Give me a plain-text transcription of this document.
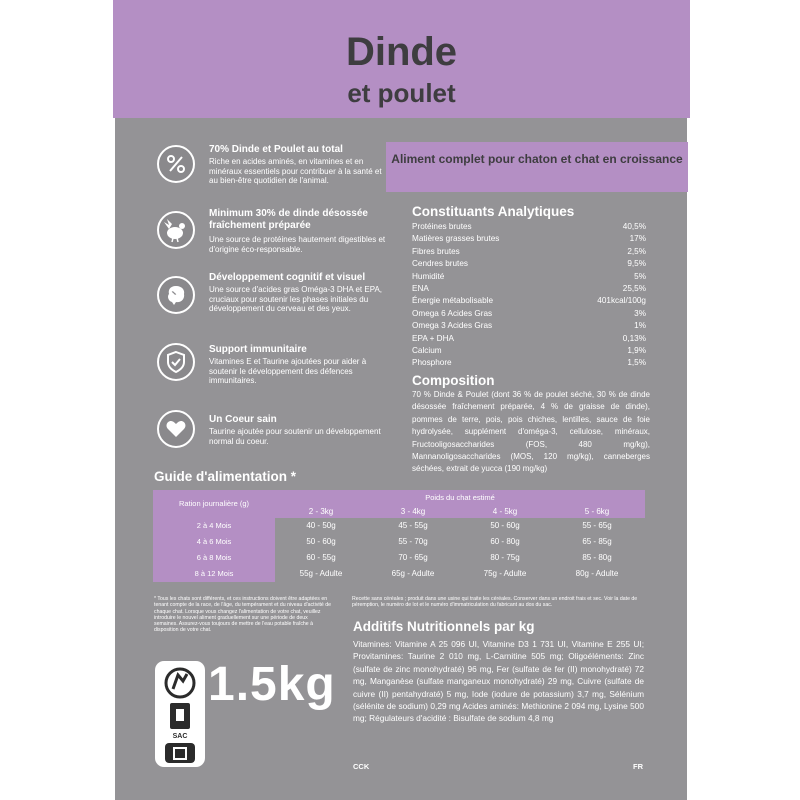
Dinde
et poulet
70% Dinde et Poulet au total
Riche en acides aminés, en vitamines et en minéraux essentiels pour contribuer à la santé et au bien-être quotidien de l'animal.
Minimum 30% de dinde désossée fraîchement préparée
Une source de protéines hautement digestibles et d'origine éco-responsable.
Développement cognitif et visuel
Une source d'acides gras Oméga-3 DHA et EPA, cruciaux pour soutenir les phases initiales du développement du cerveau et des yeux.
Support immunitaire
Vitamines E et Taurine ajoutées pour aider à soutenir le développement des défences immunitaires.
Un Coeur sain
Taurine ajoutée pour soutenir un développement normal du coeur.
Aliment complet pour chaton et chat en croissance
Constituants Analytiques
Protéines brutes	40,5%
Matières grasses brutes	17%
Fibres brutes	2,5%
Cendres brutes	9,5%
Humidité	5%
ENA	25,5%
Énergie métabolisable	401kcal/100g
Omega 6 Acides Gras	3%
Omega 3 Acides Gras	1%
EPA + DHA	0,13%
Calcium	1,9%
Phosphore	1,5%
Composition
70 % Dinde & Poulet (dont 36 % de poulet séché, 30 % de dinde désossée fraîchement préparée, 4 % de graisse de dinde), pommes de terre, pois, pois chiches, lentilles, sauce de foie hydrolysée, supplément d'oméga-3, cellulose, minéraux, Fructooligosaccharides (FOS, 480 mg/kg), Mannanoligosaccharides (MOS, 120 mg/kg), canneberges séchées, extrait de yucca (190 mg/kg)
Guide d'alimentation *
Ration journalière (g)
Poids du chat estimé
2 - 3kg	3 - 4kg	4 - 5kg	5 - 6kg
2 à 4 Mois	40 - 50g	45 - 55g	50 - 60g	55 - 65g
4 à 6 Mois	50 - 60g	55 - 70g	60 - 80g	65 - 85g
6 à 8 Mois	60 - 55g	70 - 65g	80 - 75g	85 - 80g
8 à 12 Mois	55g - Adulte	65g - Adulte	75g - Adulte	80g - Adulte
* Tous les chats sont différents, et ces instructions doivent être adaptées en tenant compte de la race, de l'âge, du tempérament et du niveau d'activité de chaque chat. Lorsque vous changez l'alimentation de votre chat, veuillez introduire le nouvel aliment graduellement sur une période de deux semaines. Assurez-vous toujours de mettre de l'eau potable fraîche à disposition de votre chat.
Recette sans céréales ; produit dans une usine qui traite les céréales. Conserver dans un endroit frais et sec. Voir la date de péremption, le numéro de lot et le numéro d'immatriculation du fabricant au dos du sac.
Additifs Nutritionnels par kg
Vitamines: Vitamine A 25 096 UI, Vitamine D3 1 731 UI, Vitamine E 255 UI; Provitamines: Taurine 2 010 mg, L-Carnitine 505 mg; Oligoéléments: Zinc (sulfate de zinc monohydraté) 96 mg, Fer (sulfate de fer (II) monohydraté) 72 mg, Manganèse (sulfate manganeux monohydraté) 29 mg, Cuivre (sulfate de cuivre (II) pentahydraté) 5 mg, Iode (iodure de potassium) 3,7 mg, Sélénium (sélénite de sodium) 0,29 mg Acides aminés: Methionine 2 094 mg, Lysine 500 mg; Régulateurs d'acidité : Bisulfate de sodium 4,8 mg
SAC
1.5kg
CCK	FR
